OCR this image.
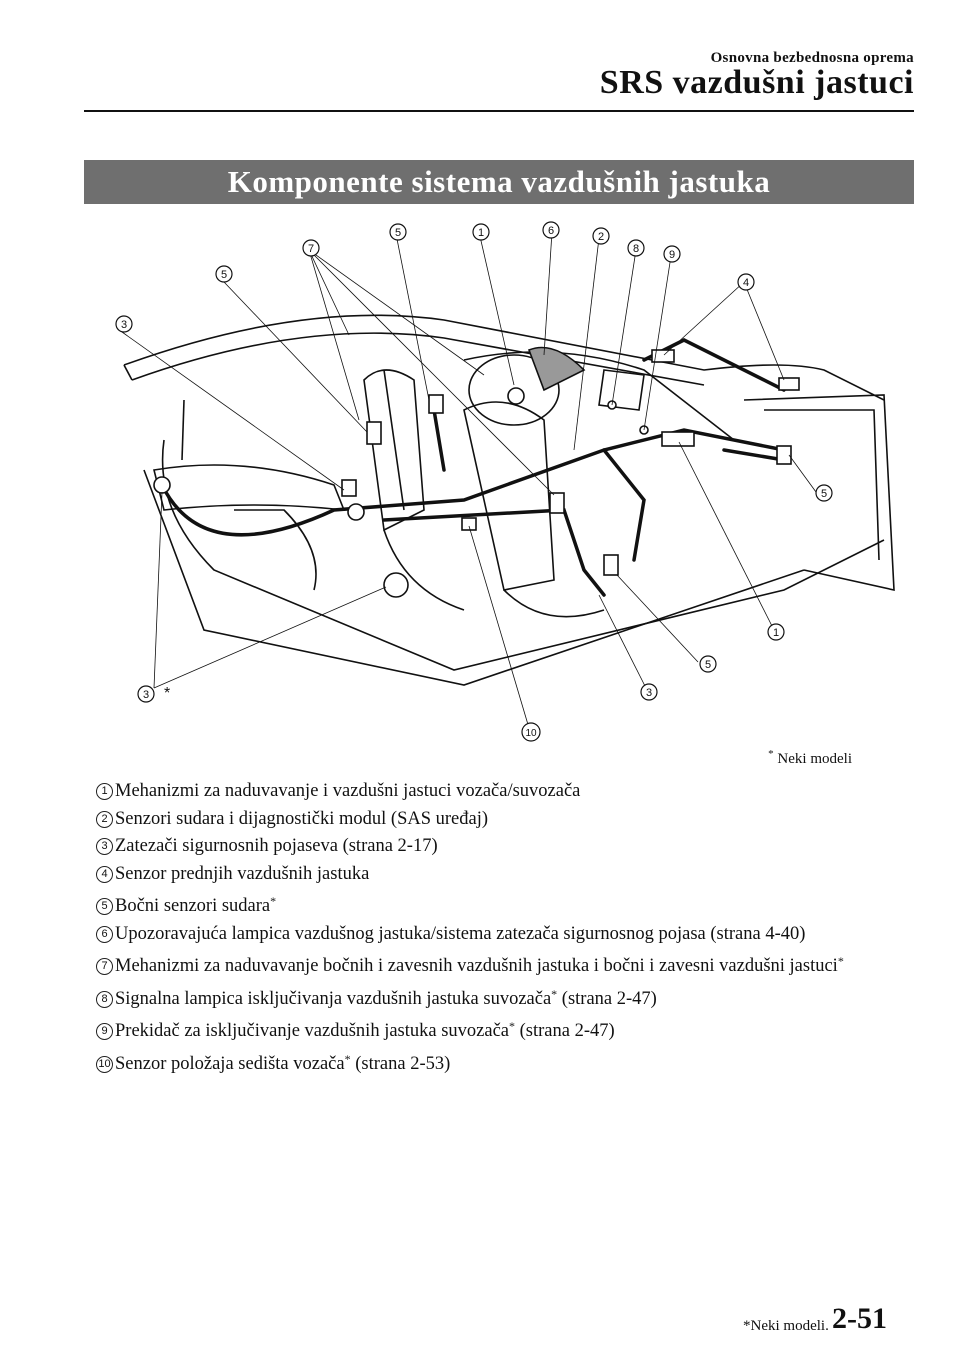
Osnovna bezbednosna oprema
SRS vazdušni jastuci
Komponente sistema vazdušnih jastuka
5	1	6	2
8	9
7
5
4
3
5
1
5
3
3
10
*
* Neki modeli
1 Mehanizmi za naduvavanje i vazdušni jastuci vozača/suvozača
2 Senzori sudara i dijagnostički modul (SAS uređaj)
3 Zatezači sigurnosnih pojaseva (strana 2-17)
4 Senzor prednjih vazdušnih jastuka
5 Bočni senzori sudara*
6 Upozoravajuća lampica vazdušnog jastuka/sistema zatezača sigurnosnog pojasa (strana 4-40)
7 Mehanizmi za naduvavanje bočnih i zavesnih vazdušnih jastuka i bočni i zavesni vazdušni jastuci*
8 Signalna lampica isključivanja vazdušnih jastuka suvozača* (strana 2-47)
9 Prekidač za isključivanje vazdušnih jastuka suvozača* (strana 2-47)
10 Senzor položaja sedišta vozača* (strana 2-53)
*Neki modeli. 2-51
